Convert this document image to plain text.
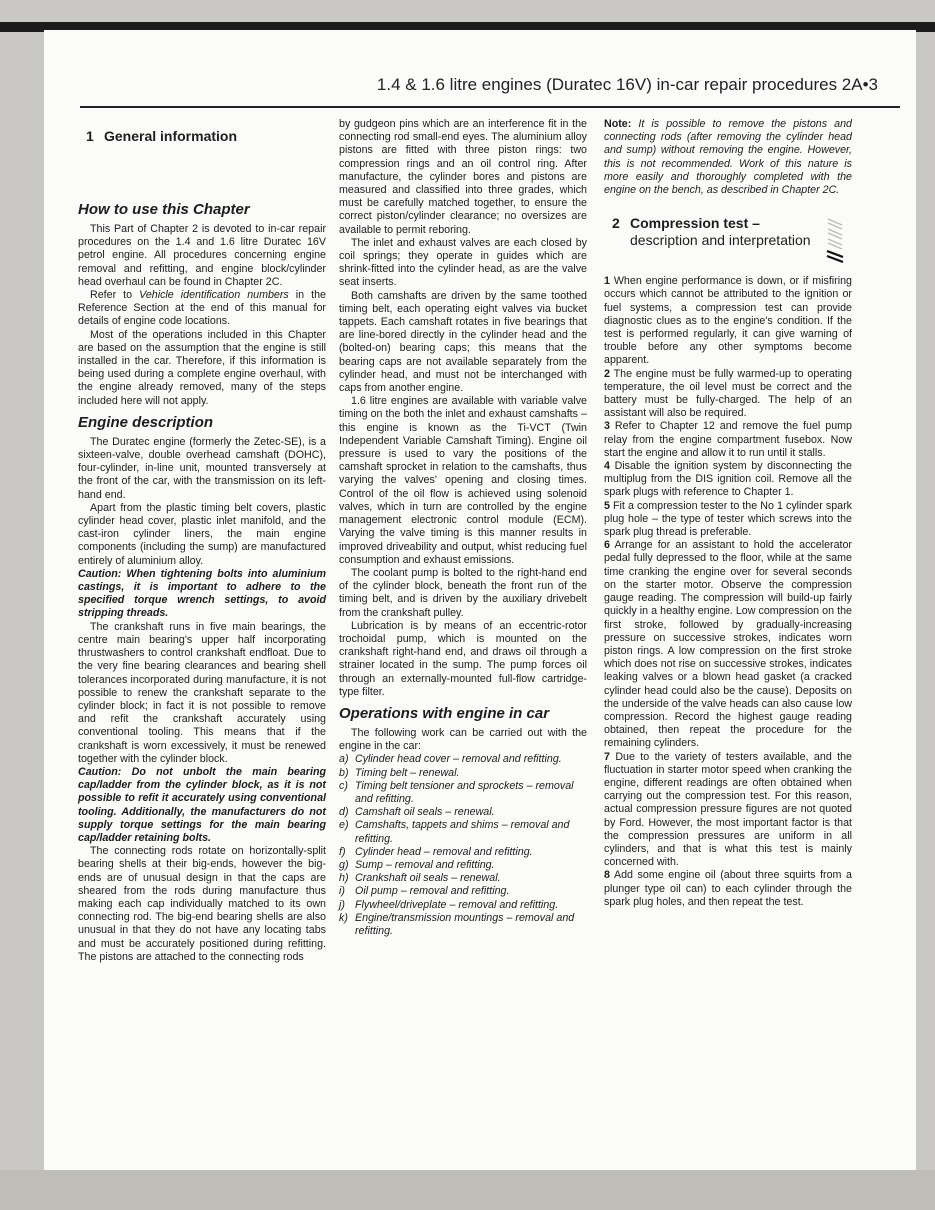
1.4 & 1.6 litre engines (Duratec 16V) in-car repair procedures 2A•3
1 General information
How to use this Chapter

This Part of Chapter 2 is devoted to in-car repair procedures on the 1.4 and 1.6 litre Duratec 16V petrol engine. All procedures concerning engine removal and refitting, and engine block/cylinder head overhaul can be found in Chapter 2C.

Refer to Vehicle identification numbers in the Reference Section at the end of this manual for details of engine code locations.

Most of the operations included in this Chapter are based on the assumption that the engine is still installed in the car. Therefore, if this information is being used during a complete engine overhaul, with the engine already removed, many of the steps included here will not apply.

Engine description

The Duratec engine (formerly the Zetec-SE), is a sixteen-valve, double overhead camshaft (DOHC), four-cylinder, in-line unit, mounted transversely at the front of the car, with the transmission on its left-hand end.

Apart from the plastic timing belt covers, plastic cylinder head cover, plastic inlet manifold, and the cast-iron cylinder liners, the main engine components (including the sump) are manufactured entirely of aluminium alloy.

Caution: When tightening bolts into aluminium castings, it is important to adhere to the specified torque wrench settings, to avoid stripping threads.

The crankshaft runs in five main bearings, the centre main bearing's upper half incorporating thrustwashers to control crankshaft endfloat. Due to the very fine bearing clearances and bearing shell tolerances incorporated during manufacture, it is not possible to renew the crankshaft separate to the cylinder block; in fact it is not possible to remove and refit the crankshaft accurately using conventional tooling. This means that if the crankshaft is worn excessively, it must be renewed together with the cylinder block.

Caution: Do not unbolt the main bearing cap/ladder from the cylinder block, as it is not possible to refit it accurately using conventional tooling. Additionally, the manufacturers do not supply torque settings for the main bearing cap/ladder retaining bolts.

The connecting rods rotate on horizontally-split bearing shells at their big-ends, however the big-ends are of unusual design in that the caps are sheared from the rods during manufacture thus making each cap individually matched to its own connecting rod. The big-end bearing shells are also unusual in that they do not have any locating tabs and must be accurately positioned during refitting. The pistons are attached to the connecting rods

by gudgeon pins which are an interference fit in the connecting rod small-end eyes. The aluminium alloy pistons are fitted with three piston rings: two compression rings and an oil control ring. After manufacture, the cylinder bores and pistons are measured and classified into three grades, which must be carefully matched together, to ensure the correct piston/cylinder clearance; no oversizes are available to permit reboring.

The inlet and exhaust valves are each closed by coil springs; they operate in guides which are shrink-fitted into the cylinder head, as are the valve seat inserts.

Both camshafts are driven by the same toothed timing belt, each operating eight valves via bucket tappets. Each camshaft rotates in five bearings that are line-bored directly in the cylinder head and the (bolted-on) bearing caps; this means that the bearing caps are not available separately from the cylinder head, and must not be interchanged with caps from another engine.

1.6 litre engines are available with variable valve timing on the both the inlet and exhaust camshafts – this engine is known as the Ti-VCT (Twin Independent Variable Camshaft Timing). Engine oil pressure is used to vary the positions of the camshaft sprocket in relation to the camshafts, thus varying the valves' opening and closing times. Control of the oil flow is achieved using solenoid valves, which in turn are controlled by the engine management electronic control module (ECM). Varying the valve timing is this manner results in improved driveability and output, whist reducing fuel consumption and exhaust emissions.

The coolant pump is bolted to the right-hand end of the cylinder block, beneath the front run of the timing belt, and is driven by the auxiliary drivebelt from the crankshaft pulley.

Lubrication is by means of an eccentric-rotor trochoidal pump, which is mounted on the crankshaft right-hand end, and draws oil through a strainer located in the sump. The pump forces oil through an externally-mounted full-flow cartridge-type filter.

Operations with engine in car

The following work can be carried out with the engine in the car:

a) Cylinder head cover – removal and refitting.
b) Timing belt – renewal.
c) Timing belt tensioner and sprockets – removal and refitting.
d) Camshaft oil seals – renewal.
e) Camshafts, tappets and shims – removal and refitting.
f) Cylinder head – removal and refitting.
g) Sump – removal and refitting.
h) Crankshaft oil seals – renewal.
i) Oil pump – removal and refitting.
j) Flywheel/driveplate – removal and refitting.
k) Engine/transmission mountings – removal and refitting.

Note: It is possible to remove the pistons and connecting rods (after removing the cylinder head and sump) without removing the engine. However, this is not recommended. Work of this nature is more easily and thoroughly completed with the engine on the bench, as described in Chapter 2C.

2 Compression test –
description and interpretation

1 When engine performance is down, or if misfiring occurs which cannot be attributed to the ignition or fuel systems, a compression test can provide diagnostic clues as to the engine's condition. If the test is performed regularly, it can give warning of trouble before any other symptoms become apparent.

2 The engine must be fully warmed-up to operating temperature, the oil level must be correct and the battery must be fully-charged. The help of an assistant will also be required.

3 Refer to Chapter 12 and remove the fuel pump relay from the engine compartment fusebox. Now start the engine and allow it to run until it stalls.

4 Disable the ignition system by disconnecting the multiplug from the DIS ignition coil. Remove all the spark plugs with reference to Chapter 1.

5 Fit a compression tester to the No 1 cylinder spark plug hole – the type of tester which screws into the spark plug thread is preferable.

6 Arrange for an assistant to hold the accelerator pedal fully depressed to the floor, while at the same time cranking the engine over for several seconds on the starter motor. Observe the compression gauge reading. The compression will build-up fairly quickly in a healthy engine. Low compression on the first stroke, followed by gradually-increasing pressure on successive strokes, indicates worn piston rings. A low compression on the first stroke which does not rise on successive strokes, indicates leaking valves or a blown head gasket (a cracked cylinder head could also be the cause). Deposits on the underside of the valve heads can also cause low compression. Record the highest gauge reading obtained, then repeat the procedure for the remaining cylinders.

7 Due to the variety of testers available, and the fluctuation in starter motor speed when cranking the engine, different readings are often obtained when carrying out the compression test. For this reason, actual compression pressure figures are not quoted by Ford. However, the most important factor is that the compression pressures are uniform in all cylinders, and that is what this test is mainly concerned with.

8 Add some engine oil (about three squirts from a plunger type oil can) to each cylinder through the spark plug holes, and then repeat the test.
